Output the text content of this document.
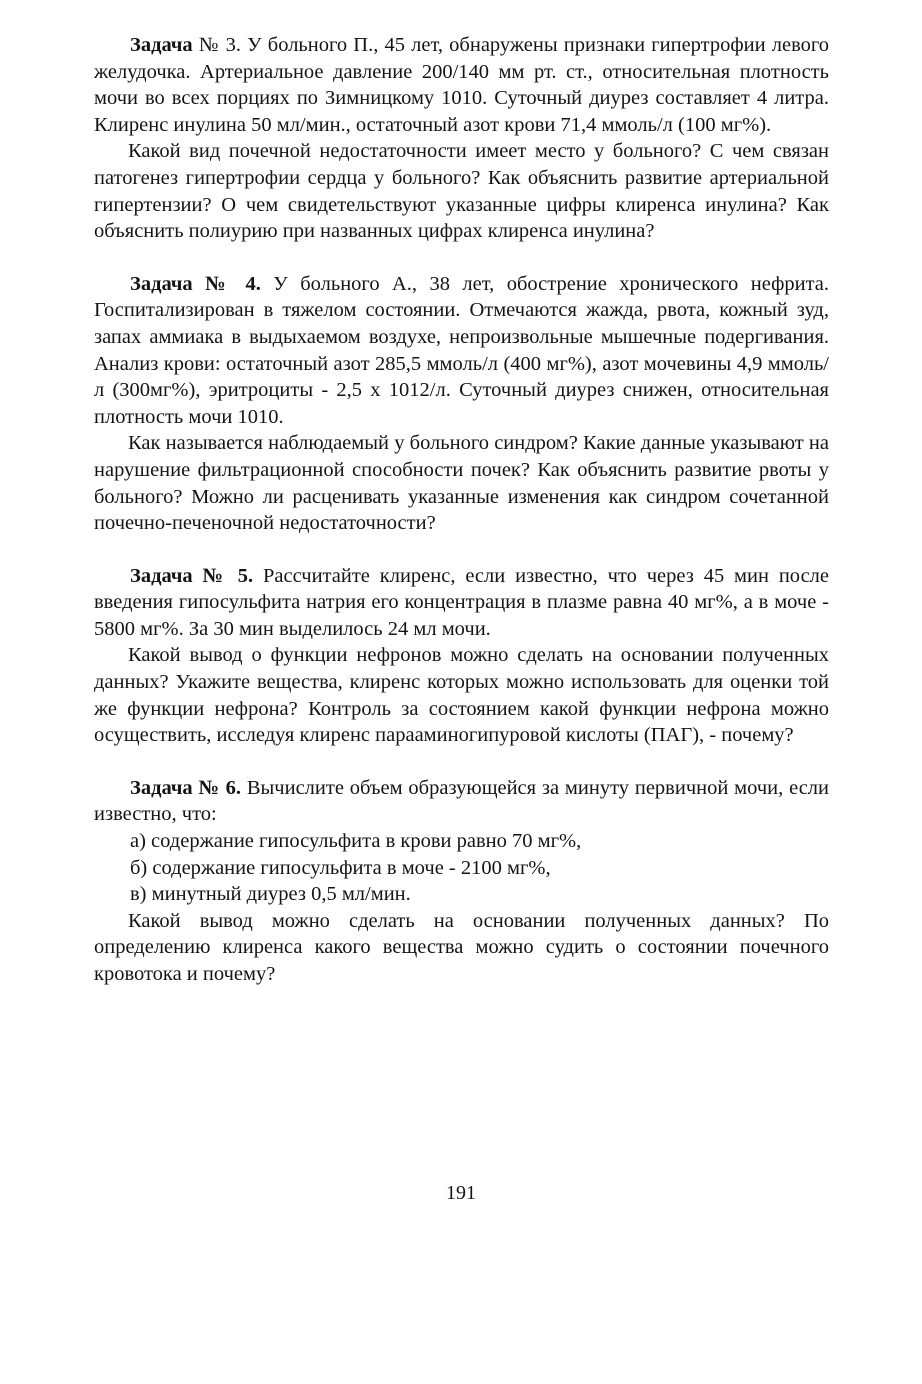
Задача № 3. У больного П., 45 лет, обнаружены признаки гипертрофии левого желудочка. Артериальное давление 200/140 мм рт. ст., относительная плотность мочи во всех порциях по Зимницкому 1010. Суточный диурез составляет 4 литра. Клиренс инулина 50 мл/мин., остаточный азот крови 71,4 ммоль/л (100 мг%).

Какой вид почечной недостаточности имеет место у больного? С чем связан патогенез гипертрофии сердца у больного? Как объяснить развитие артериальной гипертензии? О чем свидетельствуют указанные цифры клиренса инулина? Как объяснить полиурию при названных цифрах клиренса инулина?

Задача № 4. У больного А., 38 лет, обострение хронического нефрита. Госпитализирован в тяжелом состоянии. Отмечаются жажда, рвота, кожный зуд, запах аммиака в выдыхаемом воздухе, непроизвольные мышечные подергивания. Анализ крови: остаточный азот 285,5 ммоль/л (400 мг%), азот мочевины 4,9 ммоль/л (300мг%), эритроциты - 2,5 x 1012/л. Суточный диурез снижен, относительная плотность мочи 1010.

Как называется наблюдаемый у больного синдром? Какие данные указывают на нарушение фильтрационной способности почек? Как объяснить развитие рвоты у больного? Можно ли расценивать указанные изменения как синдром сочетанной почечно-печеночной недостаточности?

Задача № 5. Рассчитайте клиренс, если известно, что через 45 мин после введения гипосульфита натрия его концентрация в плазме равна 40 мг%, а в моче - 5800 мг%. За 30 мин выделилось 24 мл мочи.

Какой вывод о функции нефронов можно сделать на основании полученных данных? Укажите вещества, клиренс которых можно использовать для оценки той же функции нефрона? Контроль за состоянием какой функции нефрона можно осуществить, исследуя клиренс парааминогипуровой кислоты (ПАГ), - почему?

Задача № 6. Вычислите объем образующейся за минуту первичной мочи, если известно, что:

а) содержание гипосульфита в крови равно 70 мг%,

б) содержание гипосульфита в моче - 2100 мг%,

в) минутный диурез 0,5 мл/мин.

Какой вывод можно сделать на основании полученных данных? По определению клиренса какого вещества можно судить о состоянии почечного кровотока и почему?

191
